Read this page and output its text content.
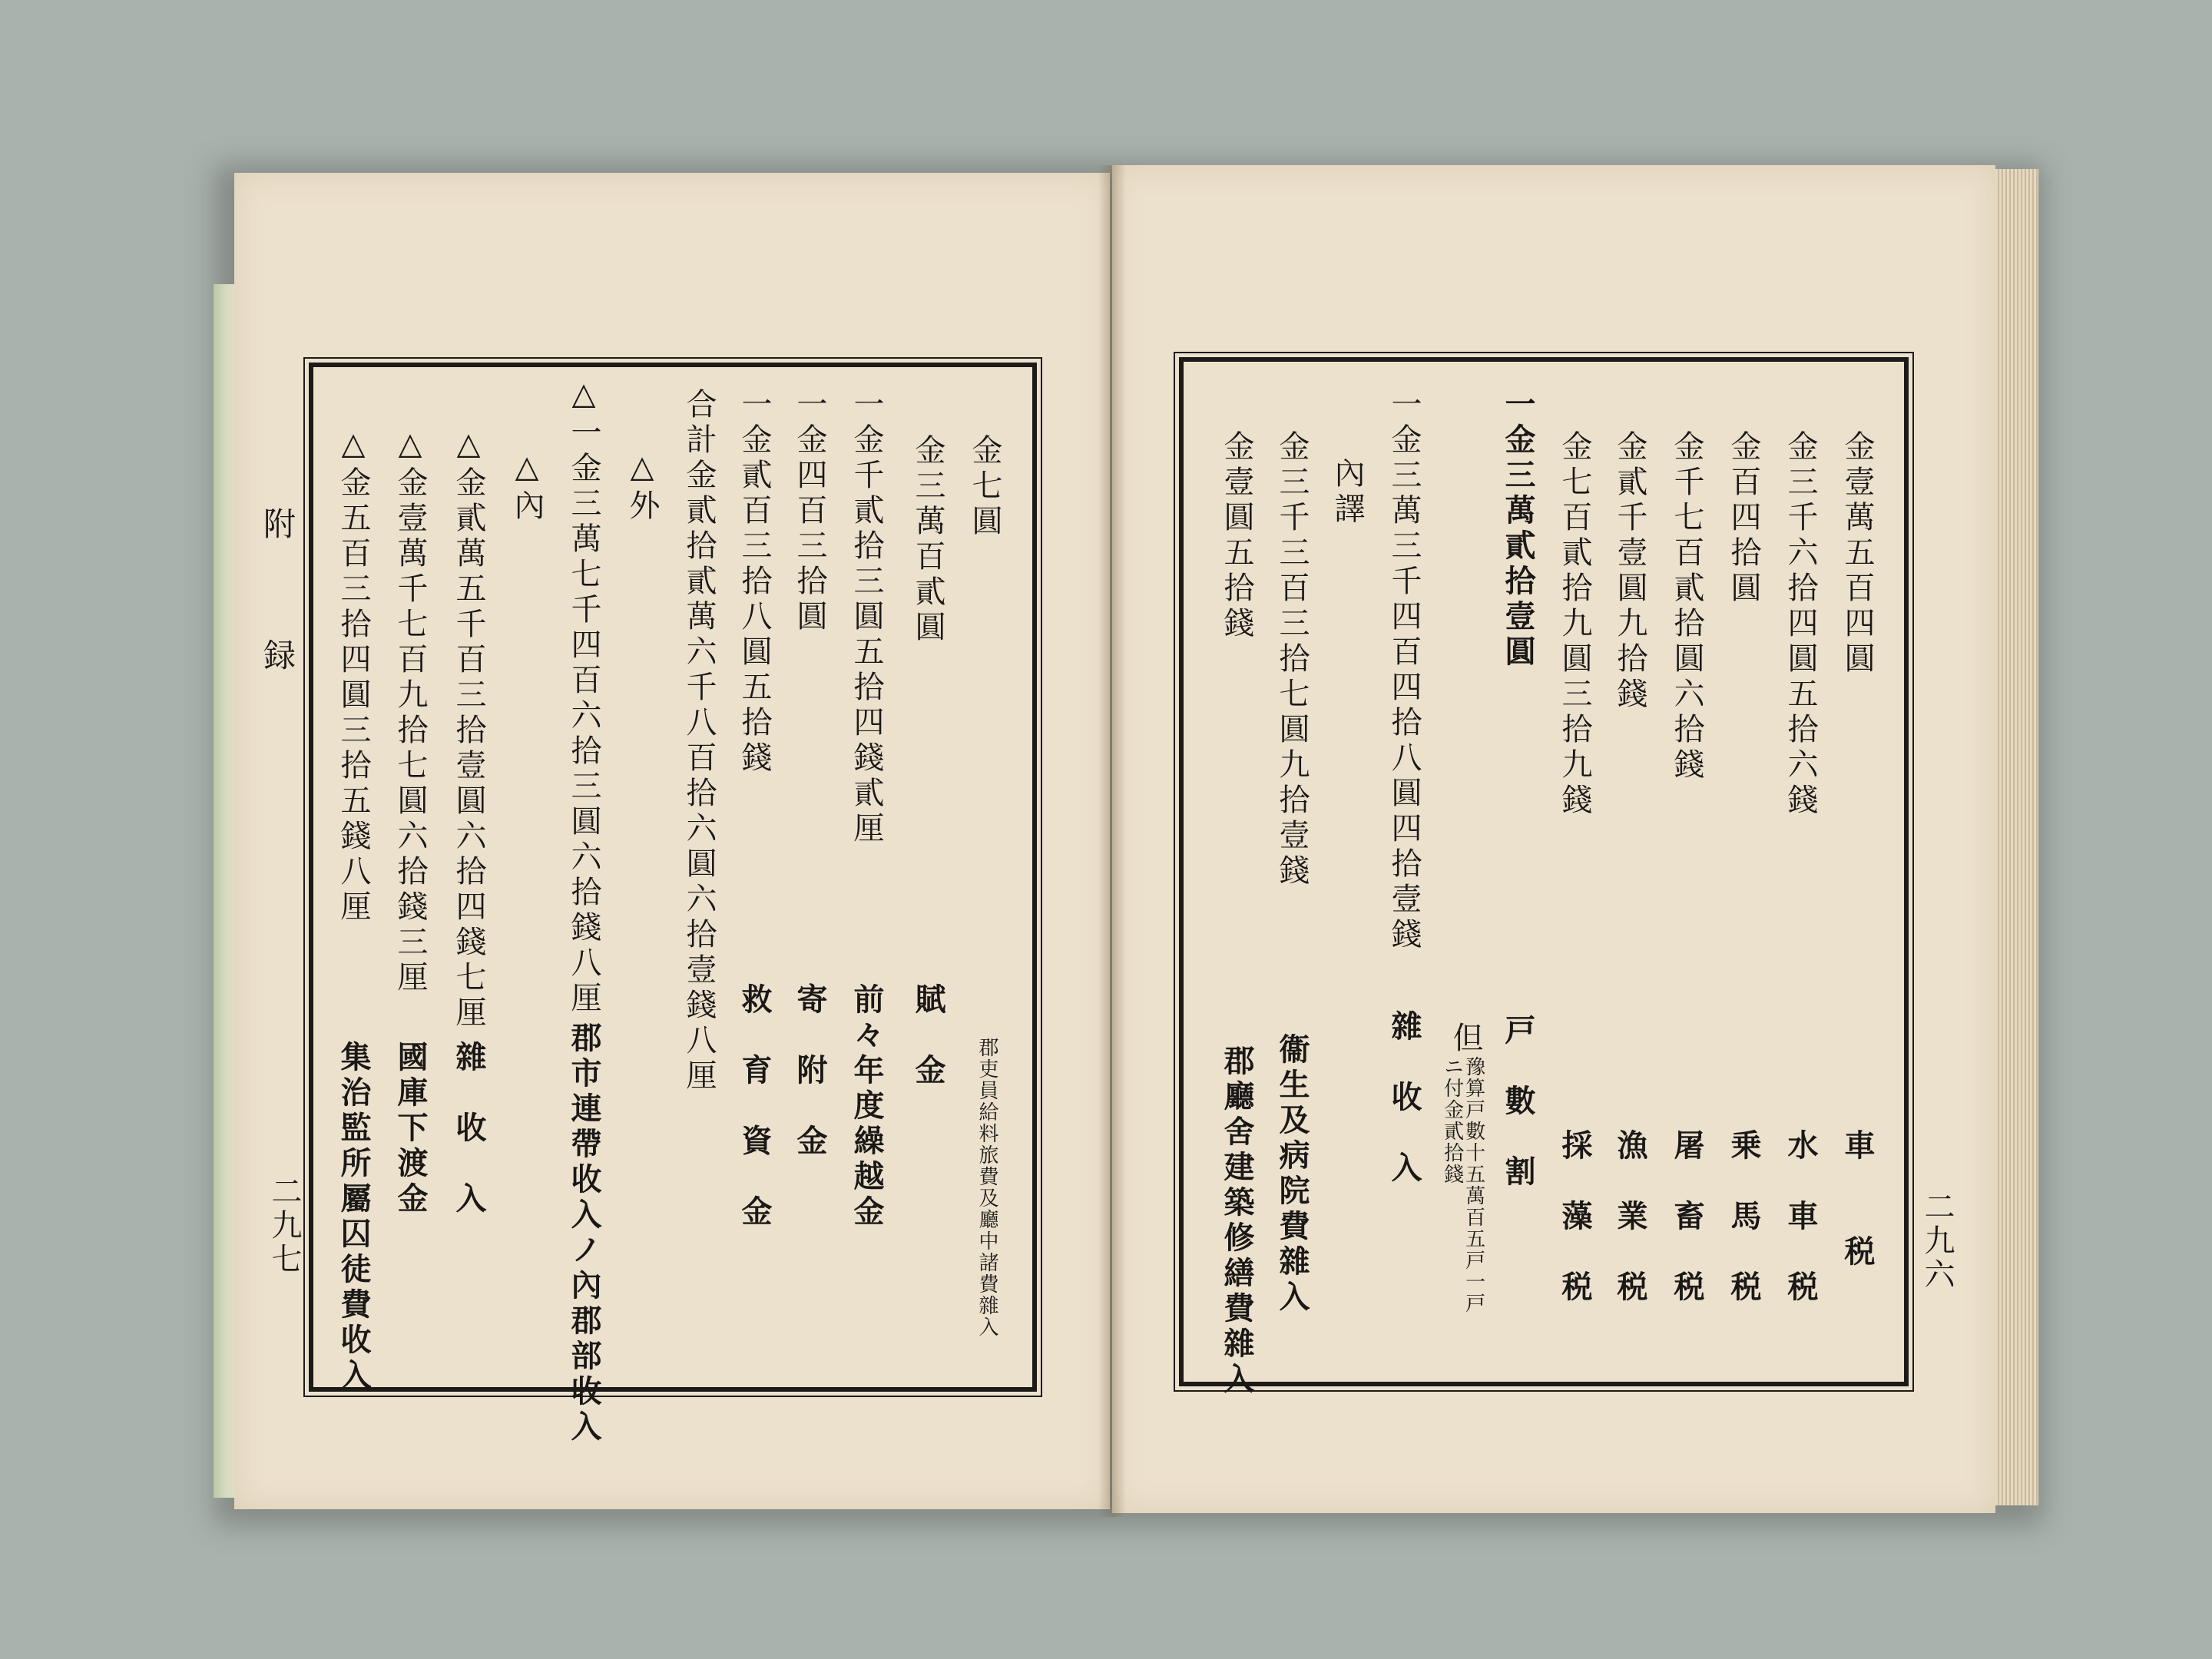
附 録
二九七
金七圓
郡吏員給料旅費及廳中諸費雜入
金三萬百貳圓
賦　金
一金千貳拾三圓五拾四錢貳厘
前々年度繰越金
一金四百三拾圓
寄　附　金
一金貳百三拾八圓五拾錢
救　育　資　金
合計金貳拾貳萬六千八百拾六圓六拾壹錢八厘
△外
△一金三萬七千四百六拾三圓六拾錢八厘
郡市連帶收入ノ內郡部收入
△內
△金貳萬五千百三拾壹圓六拾四錢七厘
雜　收　入
△金壹萬千七百九拾七圓六拾錢三厘
國庫下渡金
△金五百三拾四圓三拾五錢八厘
集治監所屬囚徒費收入	二九六
金壹萬五百四圓
車　　税
金三千六拾四圓五拾六錢
水　車　税
金百四拾圓
乗　馬　税
金千七百貳拾圓六拾錢
屠　畜　税
金貳千壹圓九拾錢
漁　業　税
金七百貳拾九圓三拾九錢
採　藻　税
一金三萬貳拾壹圓
戸　數　割
但
豫算戸數十五萬百五戸一戸
ニ付金貳拾錢
一金三萬三千四百四拾八圓四拾壹錢
雜　收　入
內譯
金三千三百三拾七圓九拾壹錢
衞生及病院費雜入
金壹圓五拾錢
郡廳舍建築修繕費雜入
